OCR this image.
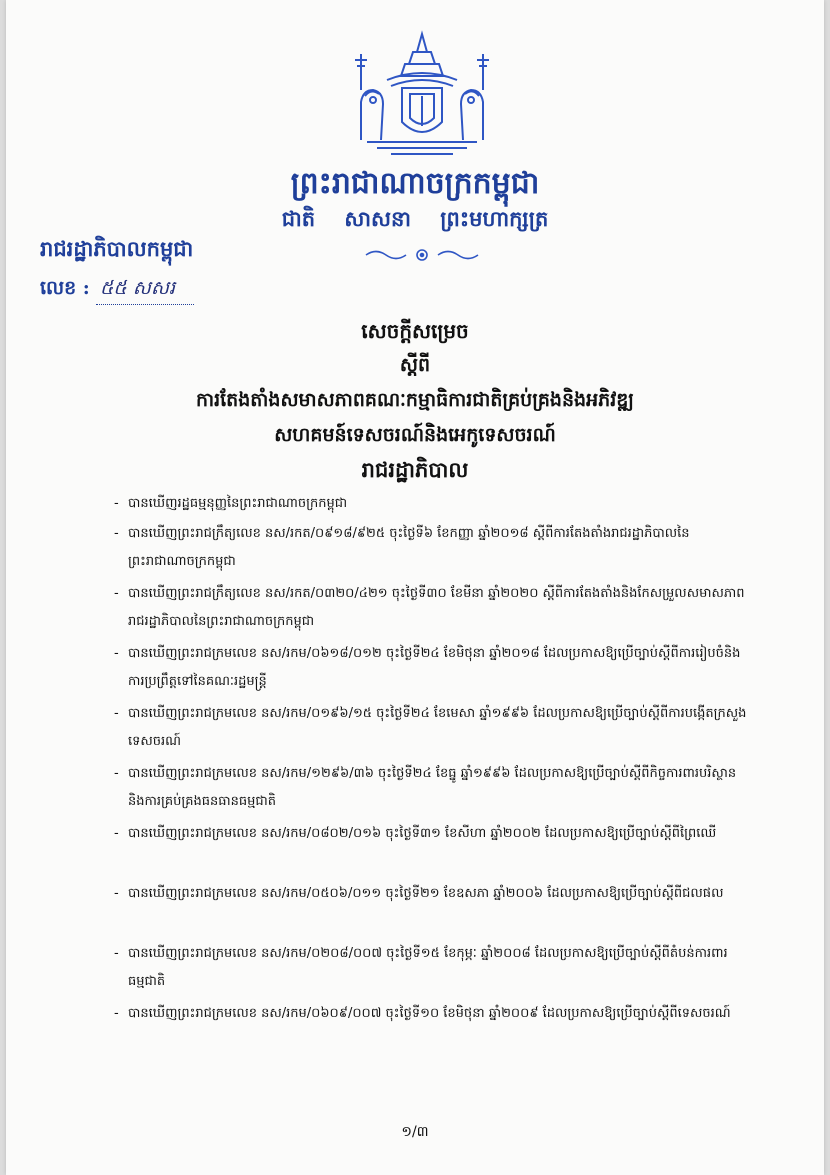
ព្រះរាជាណាចក្រកម្ពុជា
ជាតិ សាសនា ព្រះមហាក្សត្រ
រាជរដ្ឋាភិបាលកម្ពុជា
លេខ : ៥៥ សសរ
សេចក្តីសម្រេច
ស្តីពី
ការតែងតាំងសមាសភាពគណៈកម្មាធិការជាតិគ្រប់គ្រងនិងអភិវឌ្ឍ
សហគមន៍ទេសចរណ៍និងអេកូទេសចរណ៍
រាជរដ្ឋាភិបាល
- បានឃើញរដ្ឋធម្មនុញ្ញនៃព្រះរាជាណាចក្រកម្ពុជា
- បានឃើញព្រះរាជក្រឹត្យលេខ នស/រកត/០៩១៨/៩២៥ ចុះថ្ងៃទី៦ ខែកញ្ញា ឆ្នាំ២០១៨ ស្តីពីការតែងតាំងរាជរដ្ឋាភិបាលនៃព្រះរាជាណាចក្រកម្ពុជា
- បានឃើញព្រះរាជក្រឹត្យលេខ នស/រកត/០៣២០/៤២១ ចុះថ្ងៃទី៣០ ខែមីនា ឆ្នាំ២០២០ ស្តីពីការតែងតាំងនិងកែសម្រួលសមាសភាពរាជរដ្ឋាភិបាលនៃព្រះរាជាណាចក្រកម្ពុជា
- បានឃើញព្រះរាជក្រមលេខ នស/រកម/០៦១៨/០១២ ចុះថ្ងៃទី២៤ ខែមិថុនា ឆ្នាំ២០១៨ ដែលប្រកាសឱ្យប្រើច្បាប់ស្តីពីការរៀបចំនិងការប្រព្រឹត្តទៅនៃគណៈរដ្ឋមន្ត្រី
- បានឃើញព្រះរាជក្រមលេខ នស/រកម/០១៩៦/១៥ ចុះថ្ងៃទី២៤ ខែមេសា ឆ្នាំ១៩៩៦ ដែលប្រកាសឱ្យប្រើច្បាប់ស្តីពីការបង្កើតក្រសួងទេសចរណ៍
- បានឃើញព្រះរាជក្រមលេខ នស/រកម/១២៩៦/៣៦ ចុះថ្ងៃទី២៤ ខែធ្នូ ឆ្នាំ១៩៩៦ ដែលប្រកាសឱ្យប្រើច្បាប់ស្តីពីកិច្ចការពារបរិស្ថាននិងការគ្រប់គ្រងធនធានធម្មជាតិ
- បានឃើញព្រះរាជក្រមលេខ នស/រកម/០៨០២/០១៦ ចុះថ្ងៃទី៣១ ខែសីហា ឆ្នាំ២០០២ ដែលប្រកាសឱ្យប្រើច្បាប់ស្តីពីព្រៃឈើ
- បានឃើញព្រះរាជក្រមលេខ នស/រកម/០៥០៦/០១១ ចុះថ្ងៃទី២១ ខែឧសភា ឆ្នាំ២០០៦ ដែលប្រកាសឱ្យប្រើច្បាប់ស្តីពីជលផល
- បានឃើញព្រះរាជក្រមលេខ នស/រកម/០២០៨/០០៧ ចុះថ្ងៃទី១៥ ខែកុម្ភៈ ឆ្នាំ២០០៨ ដែលប្រកាសឱ្យប្រើច្បាប់ស្តីពីតំបន់ការពារធម្មជាតិ
- បានឃើញព្រះរាជក្រមលេខ នស/រកម/០៦០៩/០០៧ ចុះថ្ងៃទី១០ ខែមិថុនា ឆ្នាំ២០០៩ ដែលប្រកាសឱ្យប្រើច្បាប់ស្តីពីទេសចរណ៍
១/៣
